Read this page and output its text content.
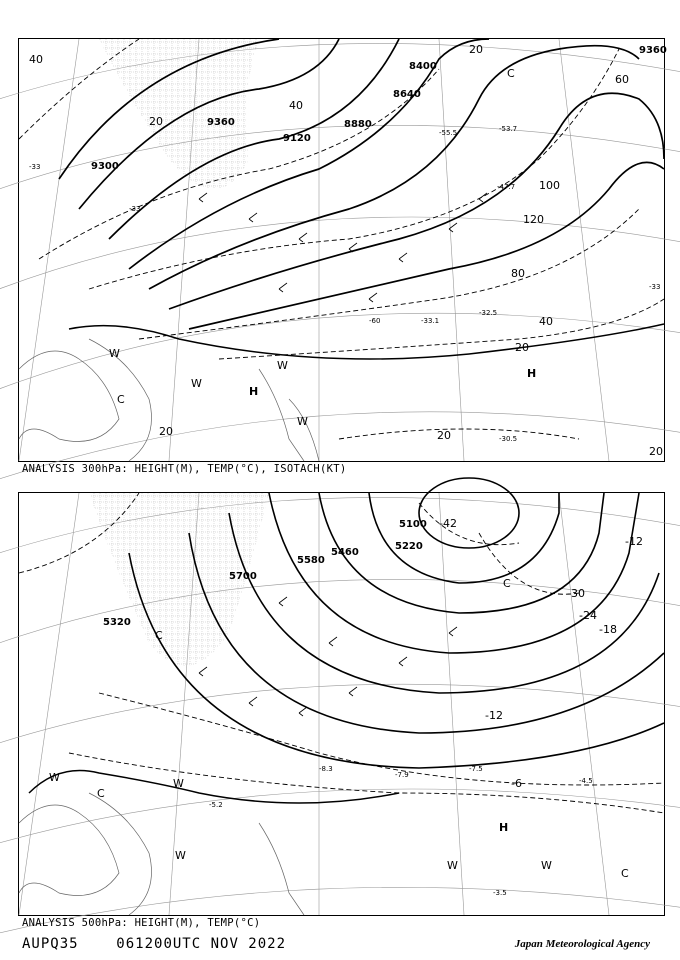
9360
9300
9120
8880
8640
8400
9360
40
20
20
40
60
80
100
120
20
40
20	20
20
-60
-33
-33
-33
-30.5
-32.5
-33.1
-47.7
-53.7
-55.5
H
H
C
W
W
W
W
C
ANALYSIS 300hPa: HEIGHT(M), TEMP(°C), ISOTACH(KT)
5100
5220
5460
5580
5320
5700
-42
-30
-24
-18
-12
-12
-6	-4.5
-3.5
-7.5
-7.9
-5.2
-8.3
H
C
C
W	W
W
W	W
C
C
ANALYSIS 500hPa: HEIGHT(M), TEMP(°C)
AUPQ35	061200UTC NOV 2022	Japan Meteorological Agency
